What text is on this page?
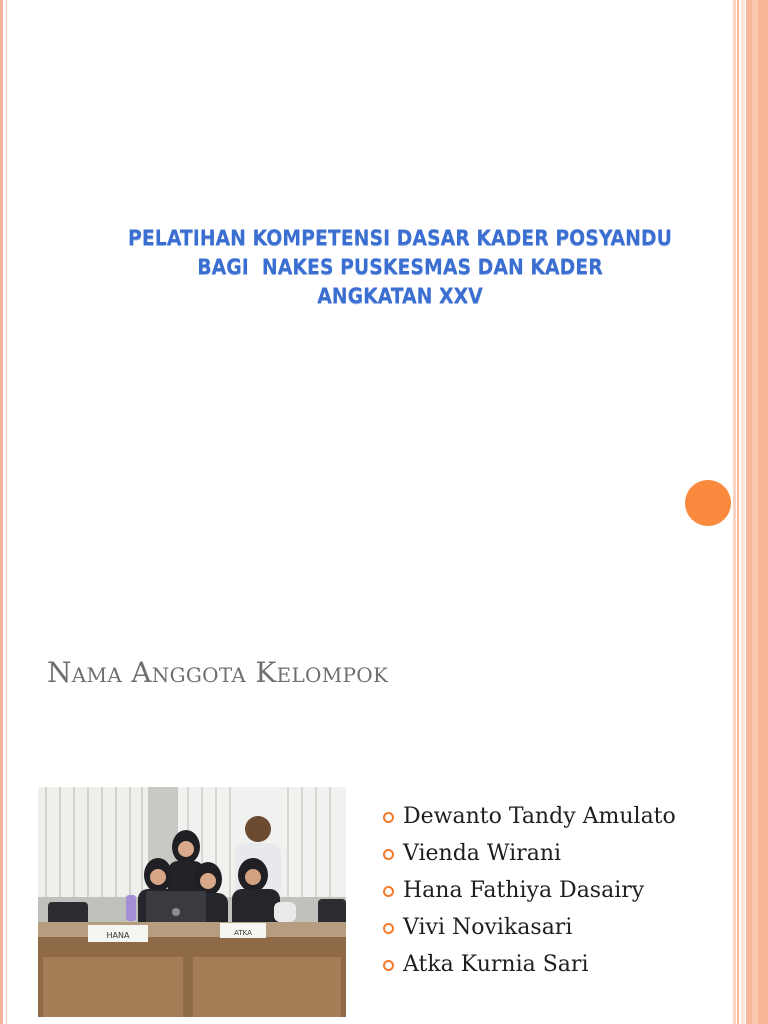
PELATIHAN KOMPETENSI DASAR KADER POSYANDU
BAGI  NAKES PUSKESMAS DAN KADER
ANGKATAN XXV
Nama Anggota Kelompok
HANA	ATKA
Dewanto Tandy Amulato
Vienda Wirani
Hana Fathiya Dasairy
Vivi Novikasari
Atka Kurnia Sari
